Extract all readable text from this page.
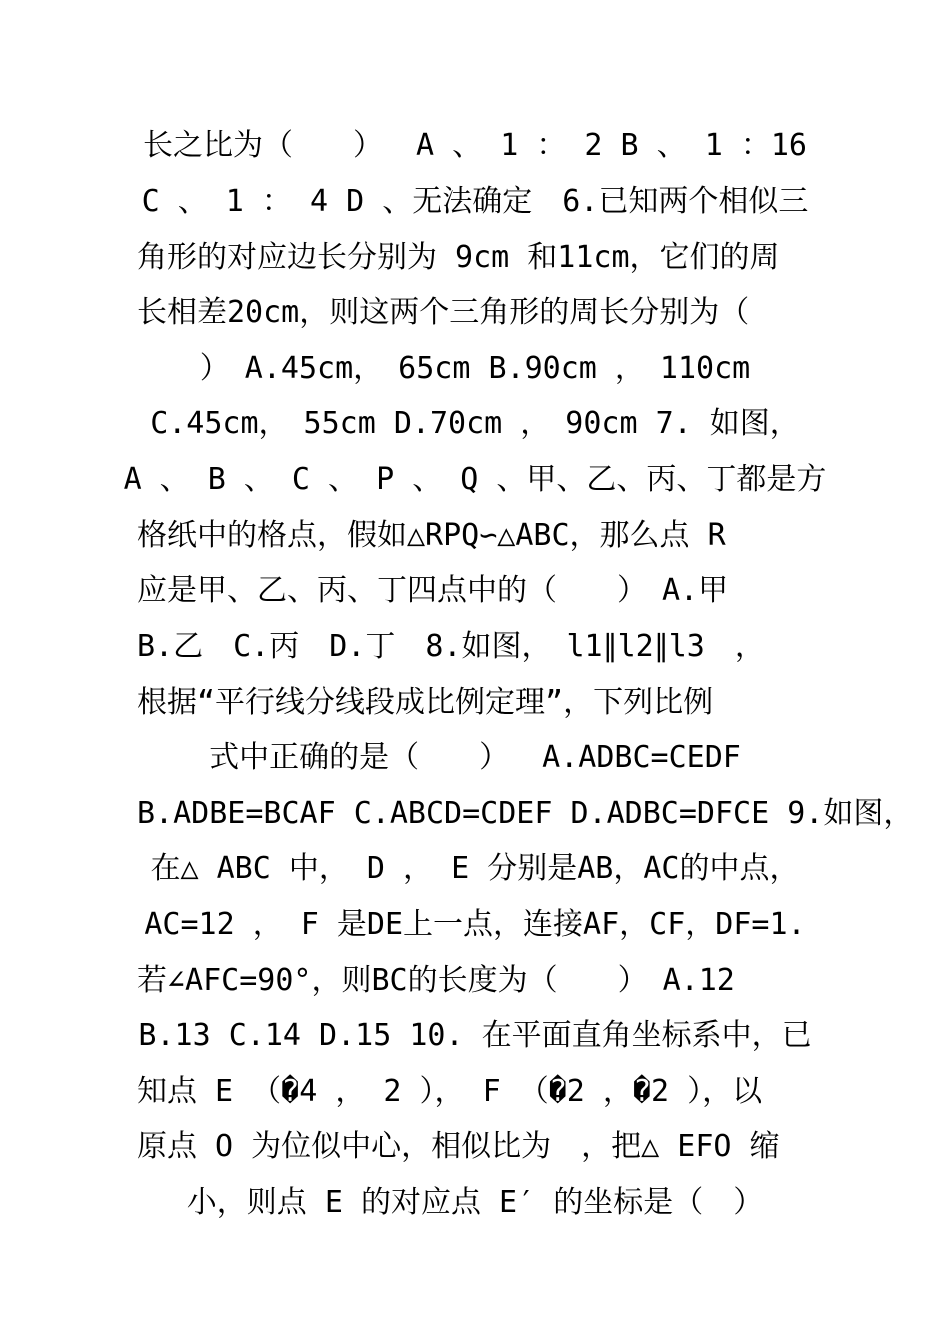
长之比为（　　）　 A 、 1 ： 2 B 、 1 ：16
C 、 1 ： 4 D 、无法确定　6.已知两个相似三
角形的对应边长分别为 9cm 和11cm，它们的周
长相差20cm，则这两个三角形的周长分别为（
）　A.45cm，　65cm B.90cm ，　110cm
C.45cm，　55cm D.70cm ，　90cm 7. 如图，
A 、 B 、 C 、 P 、 Q 、甲、乙、丙、丁都是方
格纸中的格点，假如△RPQ∽△ABC，那么点 R
应是甲、乙、丙、丁四点中的（　　）　A.甲
B.乙　C.丙　D.丁　8.如图，　l1∥l2∥l3　，
根据“平行线分线段成比例定理”，下列比例
式中正确的是（　　）　 A.ADBC=CEDF
B.ADBE=BCAF C.ABCD=CDEF D.ADBC=DFCE 9.如图，
在△ ABC 中， D ， E 分别是AB，AC的中点，
AC=12 ， F 是DE上一点，连接AF，CF，DF=1.
若∠AFC=90°，则BC的长度为（　　）　A.12
B.13 C.14 D.15 10. 在平面直角坐标系中，已
知点 E （�4 ， 2 ）， F （�2 ，�2 ），以
原点 O 为位似中心，相似比为　，把△ EFO 缩
小，则点 E 的对应点 E′ 的坐标是（　）
